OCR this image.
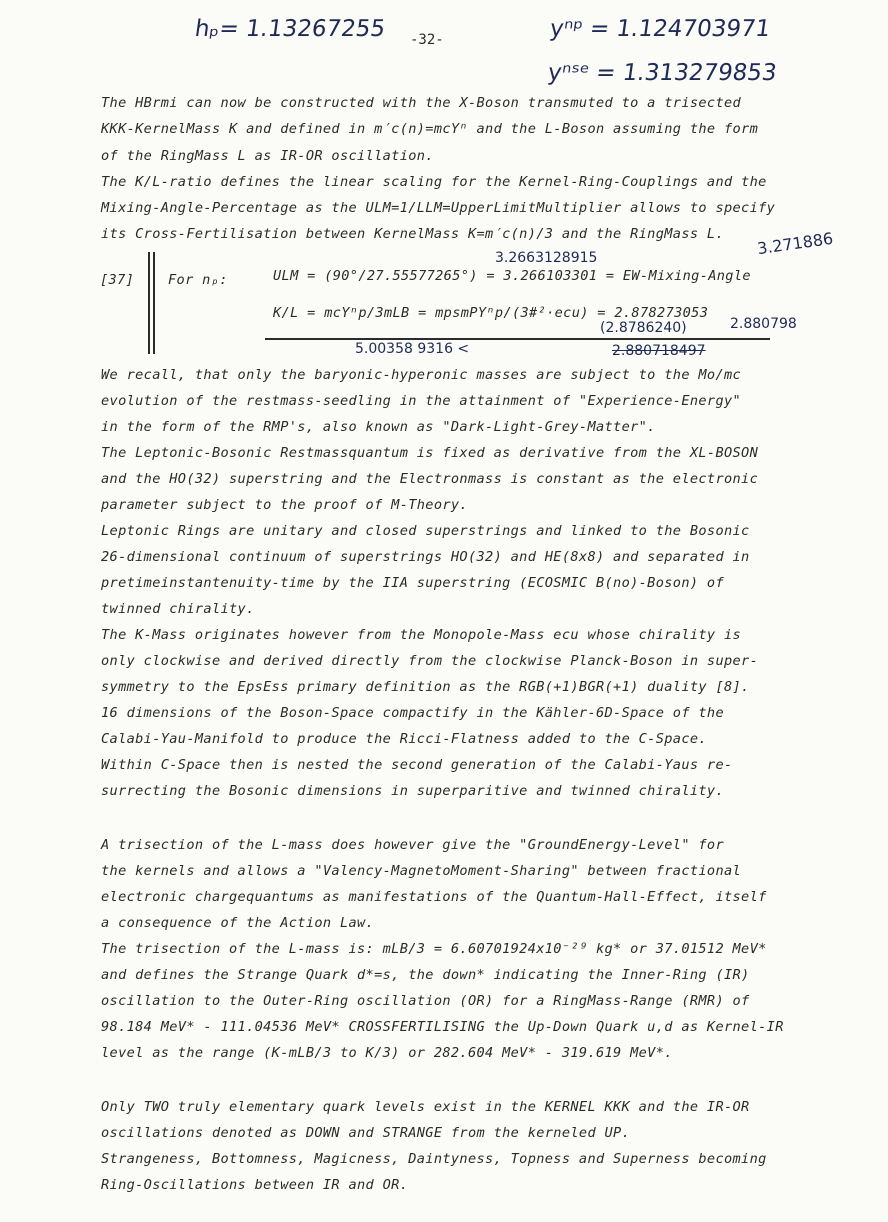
hₚ= 1.13267255 -32-	yⁿᵖ = 1.124703971
yⁿˢᵉ = 1.313279853
The HBrmi can now be constructed with the X-Boson transmuted to a trisected
KKK-KernelMass K and defined in m′c(n)=mcYⁿ and the L-Boson assuming the form
of the RingMass L as IR-OR oscillation.
The K/L-ratio defines the linear scaling for the Kernel-Ring-Couplings and the
Mixing-Angle-Percentage as the ULM=1/LLM=UpperLimitMultiplier allows to specify
its Cross-Fertilisation between KernelMass K=m′c(n)/3 and the RingMass L. 3.271886
[37] For nₚ:
3.2663128915
ULM = (90°/27.55577265°) = 3.266103301 = EW-Mixing-Angle
K/L = mcYⁿp/3mLB = mpsmPYⁿp/(3#²·ecu) = 2.878273053
(2.8786240)	2.880798
2.880718497
5.00358 9316 <
We recall, that only the baryonic-hyperonic masses are subject to the Mo/mc
evolution of the restmass-seedling in the attainment of "Experience-Energy"
in the form of the RMP's, also known as "Dark-Light-Grey-Matter".
The Leptonic-Bosonic Restmassquantum is fixed as derivative from the XL-BOSON
and the HO(32) superstring and the Electronmass is constant as the electronic
parameter subject to the proof of M-Theory.
Leptonic Rings are unitary and closed superstrings and linked to the Bosonic
26-dimensional continuum of superstrings HO(32) and HE(8x8) and separated in
pretimeinstantenuity-time by the IIA superstring (ECOSMIC B(no)-Boson) of
twinned chirality.
The K-Mass originates however from the Monopole-Mass ecu whose chirality is
only clockwise and derived directly from the clockwise Planck-Boson in super-
symmetry to the EpsEss primary definition as the RGB(+1)BGR(+1) duality [8].
16 dimensions of the Boson-Space compactify in the Kähler-6D-Space of the
Calabi-Yau-Manifold to produce the Ricci-Flatness added to the C-Space.
Within C-Space then is nested the second generation of the Calabi-Yaus re-
surrecting the Bosonic dimensions in superparitive and twinned chirality.
A trisection of the L-mass does however give the "GroundEnergy-Level" for
the kernels and allows a "Valency-MagnetoMoment-Sharing" between fractional
electronic chargequantums as manifestations of the Quantum-Hall-Effect, itself
a consequence of the Action Law.
The trisection of the L-mass is: mLB/3 = 6.60701924x10⁻²⁹ kg* or 37.01512 MeV*
and defines the Strange Quark d*=s, the down* indicating the Inner-Ring (IR)
oscillation to the Outer-Ring oscillation (OR) for a RingMass-Range (RMR) of
98.184 MeV* - 111.04536 MeV* CROSSFERTILISING the Up-Down Quark u,d as Kernel-IR
level as the range (K-mLB/3 to K/3) or 282.604 MeV* - 319.619 MeV*.
Only TWO truly elementary quark levels exist in the KERNEL KKK and the IR-OR
oscillations denoted as DOWN and STRANGE from the kerneled UP.
Strangeness, Bottomness, Magicness, Daintyness, Topness and Superness becoming
Ring-Oscillations between IR and OR.
